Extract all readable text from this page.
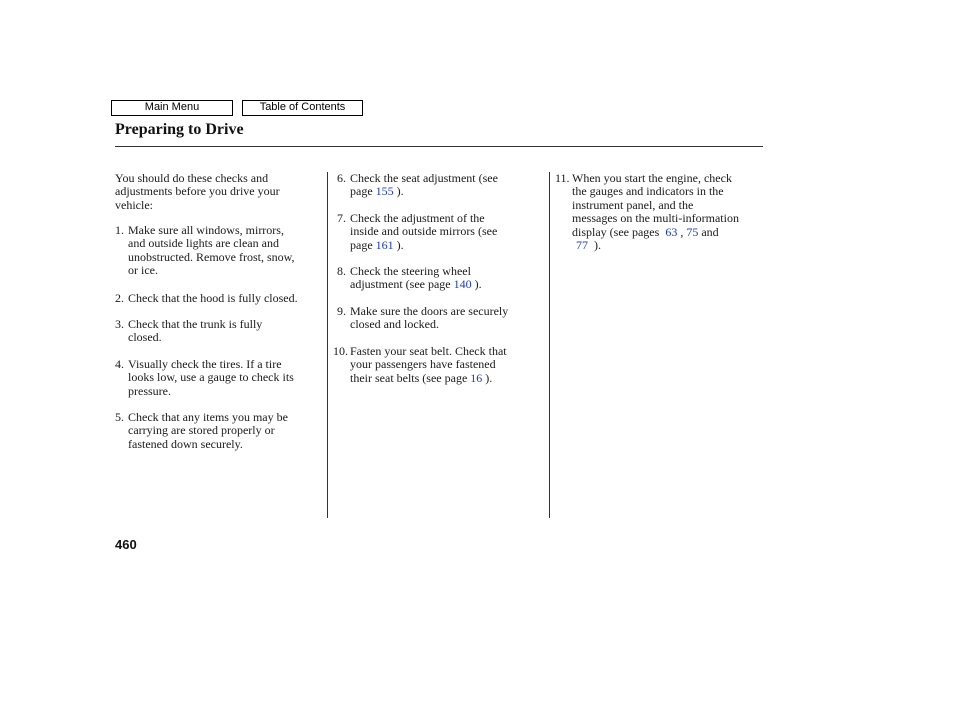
Main Menu	Table of Contents
Preparing to Drive
You should do these checks and
adjustments before you drive your
vehicle:
1. Make sure all windows, mirrors,
and outside lights are clean and
unobstructed. Remove frost, snow,
or ice.
2. Check that the hood is fully closed.
3. Check that the trunk is fully
closed.
4. Visually check the tires. If a tire
looks low, use a gauge to check its
pressure.
5. Check that any items you may be
carrying are stored properly or
fastened down securely.
6. Check the seat adjustment (see
page 155 ).
7. Check the adjustment of the
inside and outside mirrors (see
page 161 ).
8. Check the steering wheel
adjustment (see page 140 ).
9. Make sure the doors are securely
closed and locked.
10. Fasten your seat belt. Check that
your passengers have fastened
their seat belts (see page 16 ).
11. When you start the engine, check
the gauges and indicators in the
instrument panel, and the
messages on the multi-information
display (see pages 63 , 75 and
77 ).
460
